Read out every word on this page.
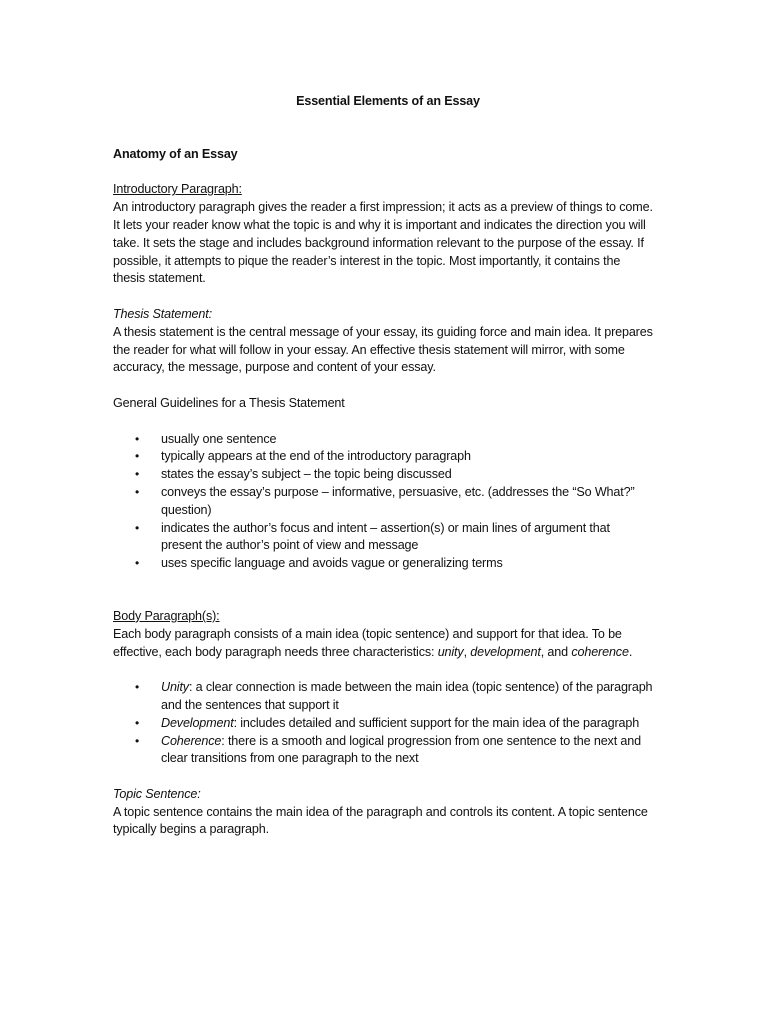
Essential Elements of an Essay

Anatomy of an Essay

Introductory Paragraph:

An introductory paragraph gives the reader a first impression; it acts as a preview of things to come. It lets your reader know what the topic is and why it is important and indicates the direction you will take. It sets the stage and includes background information relevant to the purpose of the essay. If possible, it attempts to pique the reader’s interest in the topic. Most importantly, it contains the thesis statement.

Thesis Statement:

A thesis statement is the central message of your essay, its guiding force and main idea. It prepares the reader for what will follow in your essay. An effective thesis statement will mirror, with some accuracy, the message, purpose and content of your essay.

General Guidelines for a Thesis Statement

• usually one sentence
• typically appears at the end of the introductory paragraph
• states the essay’s subject – the topic being discussed
• conveys the essay’s purpose – informative, persuasive, etc. (addresses the “So What?” question)
• indicates the author’s focus and intent – assertion(s) or main lines of argument that present the author’s point of view and message
• uses specific language and avoids vague or generalizing terms

Body Paragraph(s):

Each body paragraph consists of a main idea (topic sentence) and support for that idea. To be effective, each body paragraph needs three characteristics: unity, development, and coherence.

• Unity: a clear connection is made between the main idea (topic sentence) of the paragraph and the sentences that support it
• Development: includes detailed and sufficient support for the main idea of the paragraph
• Coherence: there is a smooth and logical progression from one sentence to the next and clear transitions from one paragraph to the next

Topic Sentence:

A topic sentence contains the main idea of the paragraph and controls its content. A topic sentence typically begins a paragraph.
